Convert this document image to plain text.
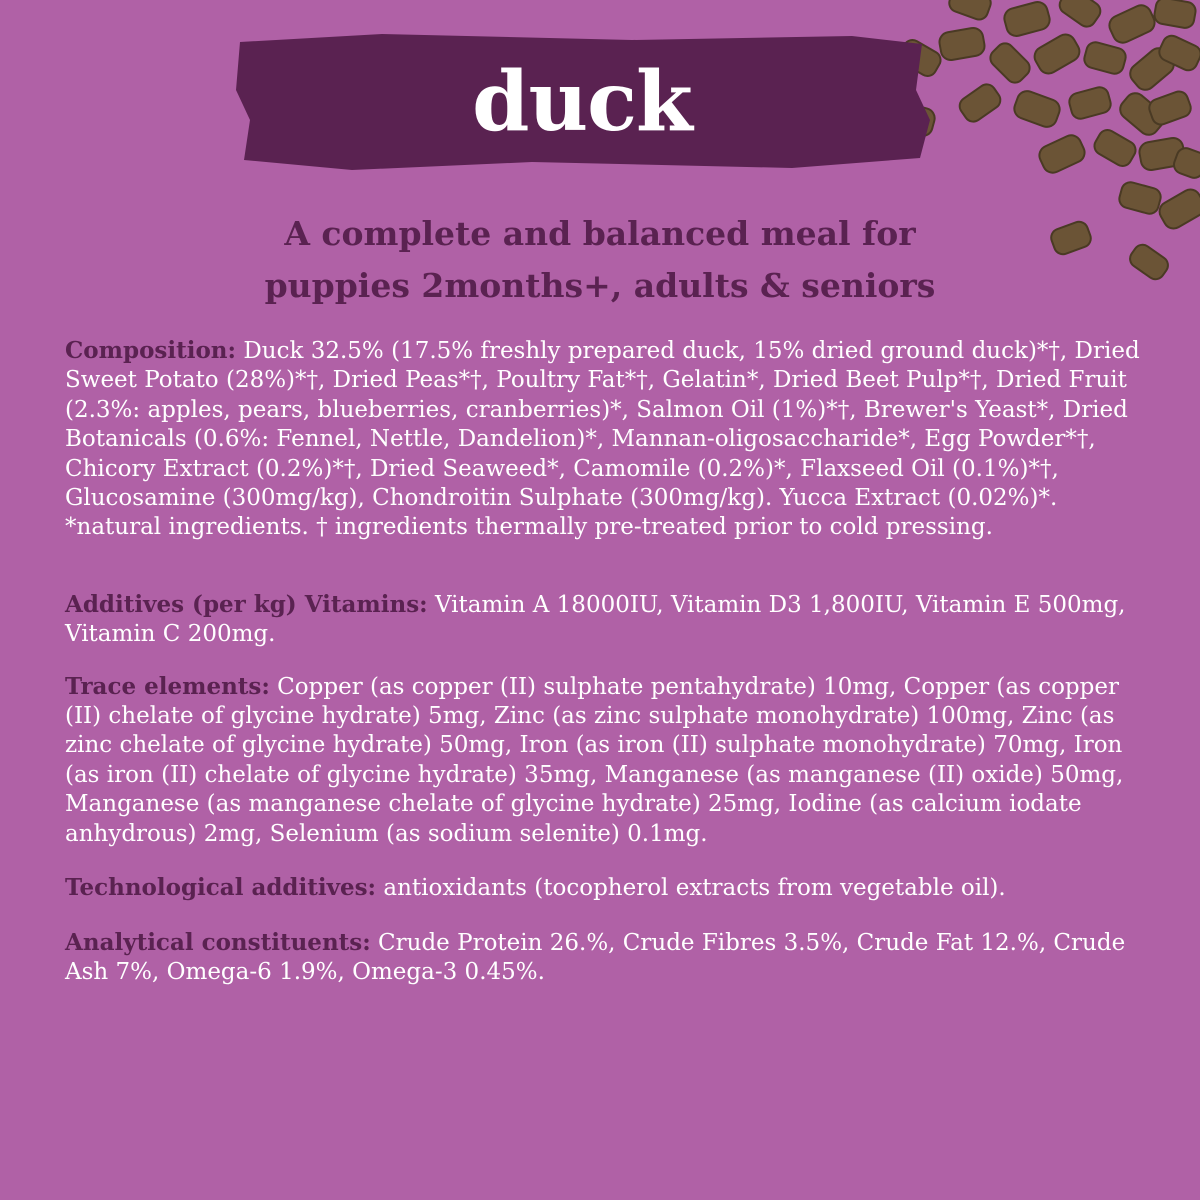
duck
A complete and balanced meal for
puppies 2months+, adults & seniors

Composition: Duck 32.5% (17.5% freshly prepared duck, 15% dried ground duck)*†, Dried Sweet Potato (28%)*†, Dried Peas*†, Poultry Fat*†, Gelatin*, Dried Beet Pulp*†, Dried Fruit (2.3%: apples, pears, blueberries, cranberries)*, Salmon Oil (1%)*†, Brewer's Yeast*, Dried Botanicals (0.6%: Fennel, Nettle, Dandelion)*, Mannan-oligosaccharide*, Egg Powder*†, Chicory Extract (0.2%)*†, Dried Seaweed*, Camomile (0.2%)*, Flaxseed Oil (0.1%)*†, Glucosamine (300mg/kg), Chondroitin Sulphate (300mg/kg). Yucca Extract (0.02%)*.

*natural ingredients. † ingredients thermally pre-treated prior to cold pressing.

Additives (per kg) Vitamins: Vitamin A 18000IU, Vitamin D3 1,800IU, Vitamin E 500mg, Vitamin C 200mg.

Trace elements: Copper (as copper (II) sulphate pentahydrate) 10mg, Copper (as copper (II) chelate of glycine hydrate) 5mg, Zinc (as zinc sulphate monohydrate) 100mg, Zinc (as zinc chelate of glycine hydrate) 50mg, Iron (as iron (II) sulphate monohydrate) 70mg, Iron (as iron (II) chelate of glycine hydrate) 35mg, Manganese (as manganese (II) oxide) 50mg, Manganese (as manganese chelate of glycine hydrate) 25mg, Iodine (as calcium iodate anhydrous) 2mg, Selenium (as sodium selenite) 0.1mg.

Technological additives: antioxidants (tocopherol extracts from vegetable oil).

Analytical constituents: Crude Protein 26.%, Crude Fibres 3.5%, Crude Fat 12.%, Crude Ash 7%, Omega-6 1.9%, Omega-3 0.45%.
